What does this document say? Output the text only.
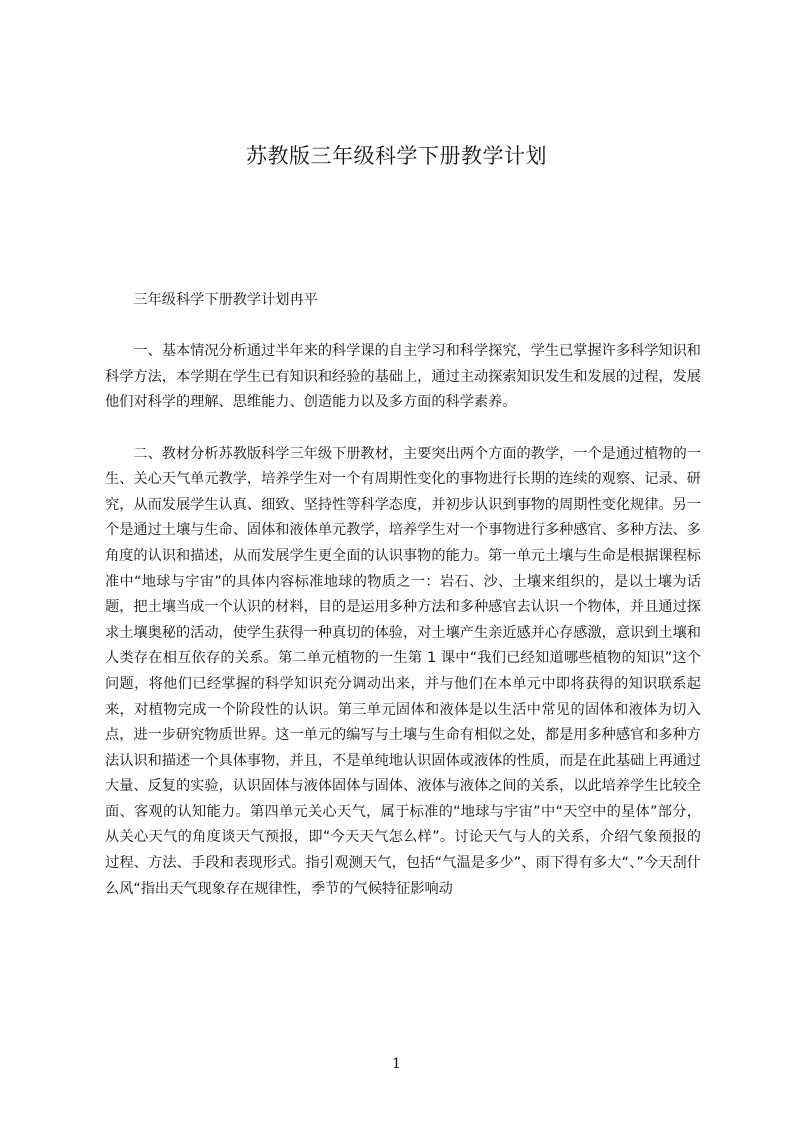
苏教版三年级科学下册教学计划

三年级科学下册教学计划冉平

一、基本情况分析通过半年来的科学课的自主学习和科学探究，学生已掌握许多科学知识和科学方法，本学期在学生已有知识和经验的基础上，通过主动探索知识发生和发展的过程，发展他们对科学的理解、思维能力、创造能力以及多方面的科学素养。

二、教材分析苏教版科学三年级下册教材，主要突出两个方面的教学，一个是通过植物的一生、关心天气单元教学，培养学生对一个有周期性变化的事物进行长期的连续的观察、记录、研究，从而发展学生认真、细致、坚持性等科学态度，并初步认识到事物的周期性变化规律。另一个是通过土壤与生命、固体和液体单元教学，培养学生对一个事物进行多种感官、多种方法、多角度的认识和描述，从而发展学生更全面的认识事物的能力。第一单元土壤与生命是根据课程标准中“地球与宇宙”的具体内容标准地球的物质之一：岩石、沙、土壤来组织的，是以土壤为话题，把土壤当成一个认识的材料，目的是运用多种方法和多种感官去认识一个物体，并且通过探求土壤奥秘的活动，使学生获得一种真切的体验，对土壤产生亲近感并心存感激，意识到土壤和人类存在相互依存的关系。第二单元植物的一生第 1 课中“我们已经知道哪些植物的知识”这个问题，将他们已经掌握的科学知识充分调动出来，并与他们在本单元中即将获得的知识联系起来，对植物完成一个阶段性的认识。第三单元固体和液体是以生活中常见的固体和液体为切入点，进一步研究物质世界。这一单元的编写与土壤与生命有相似之处，都是用多种感官和多种方法认识和描述一个具体事物，并且，不是单纯地认识固体或液体的性质，而是在此基础上再通过大量、反复的实验，认识固体与液体固体与固体、液体与液体之间的关系，以此培养学生比较全面、客观的认知能力。第四单元关心天气，属于标准的“地球与宇宙”中“天空中的星体”部分，从关心天气的角度谈天气预报，即“今天天气怎么样”。讨论天气与人的关系，介绍气象预报的过程、方法、手段和表现形式。指引观测天气，包括“气温是多少”、雨下得有多大“、”今天刮什么风“指出天气现象存在规律性，季节的气候特征影响动

1
